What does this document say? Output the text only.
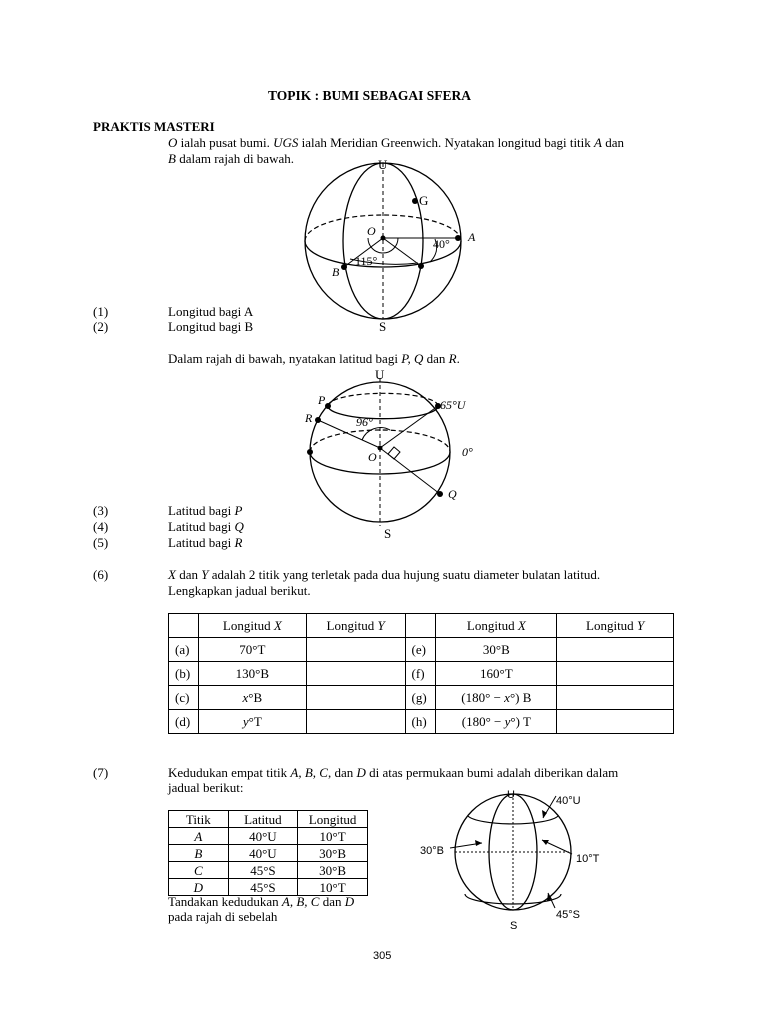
TOPIK : BUMI SEBAGAI SFERA
PRAKTIS MASTERI
O ialah pusat bumi. UGS ialah Meridian Greenwich. Nyatakan longitud bagi titik A dan
B dalam rajah di bawah.	U
S
O
G
A
B
40°
115°
(1)	Longitud bagi A
(2)	Longitud bagi B
Dalam rajah di bawah, nyatakan latitud bagi P, Q dan R.
U
S
O
P
R
Q
65°U
0°
96°
(3)	Latitud bagi P
(4)	Latitud bagi Q
(5)	Latitud bagi R
(6)	X dan Y adalah 2 titik yang terletak pada dua hujung suatu diameter bulatan latitud.
Lengkapkan jadual berikut.
	Longitud X	Longitud Y		Longitud X	Longitud Y
(a)	70°T		(e)	30°B	
(b)	130°B		(f)	160°T	
(c)	x°B		(g)	(180° − x°) B	
(d)	y°T		(h)	(180° − y°) T	
(7)	Kedudukan empat titik A, B, C, dan D di atas permukaan bumi adalah diberikan dalam
jadual berikut:
Titik	Latitud	Longitud
A	40°U	10°T
B	40°U	30°B
C	45°S	30°B
D	45°S	10°T
Tandakan kedudukan A, B, C dan D
pada rajah di sebelah
U
S
40°U
30°B
10°T
45°S
305
